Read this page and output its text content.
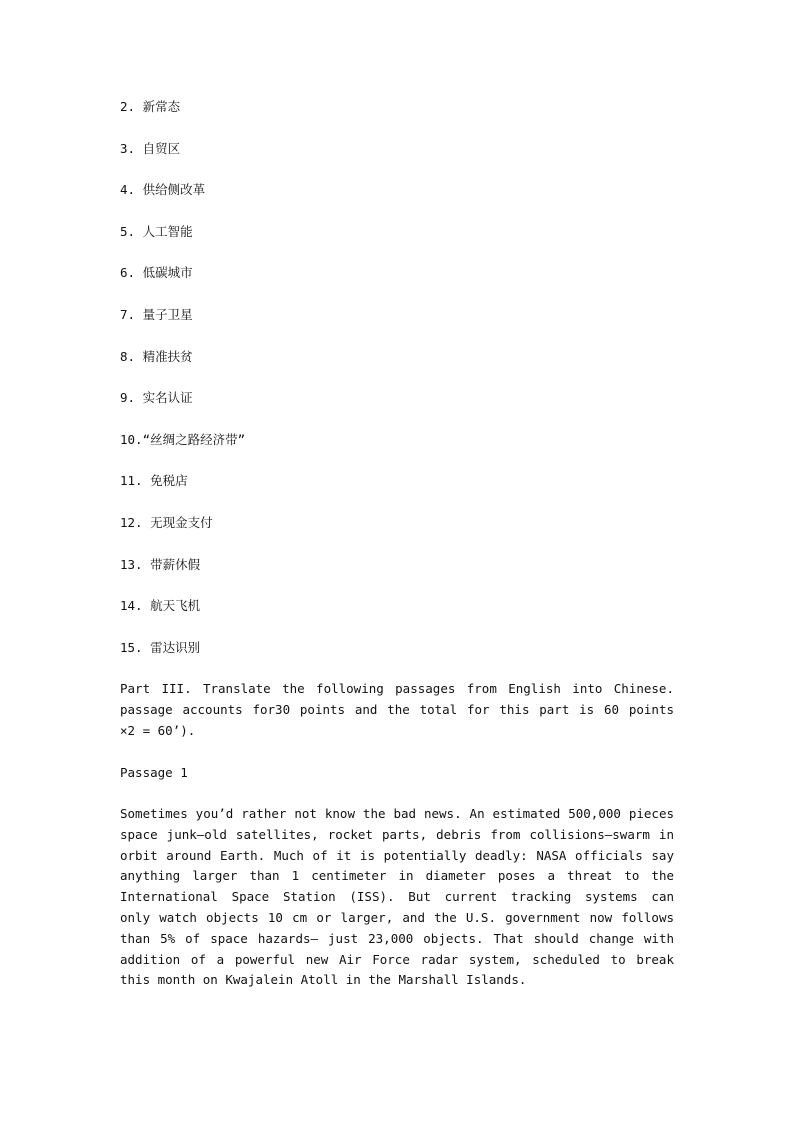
2. 新常态
3. 自贸区
4. 供给侧改革
5. 人工智能
6. 低碳城市
7. 量子卫星
8. 精准扶贫
9. 实名认证
10.“丝绸之路经济带”
11. 免税店
12. 无现金支付
13. 带薪休假
14. 航天飞机
15. 雷达识别
Part III. Translate the following passages from English into Chinese.
passage accounts for30 points and the total for this part is 60 points
×2 = 60’).
Passage 1
Sometimes you’d rather not know the bad news. An estimated 500,000 pieces
space junk—old satellites, rocket parts, debris from collisions—swarm in
orbit around Earth. Much of it is potentially deadly: NASA officials say
anything larger than 1 centimeter in diameter poses a threat to the
International Space Station (ISS). But current tracking systems can
only watch objects 10 cm or larger, and the U.S. government now follows
than 5% of space hazards— just 23,000 objects. That should change with
addition of a powerful new Air Force radar system, scheduled to break
this month on Kwajalein Atoll in the Marshall Islands.
